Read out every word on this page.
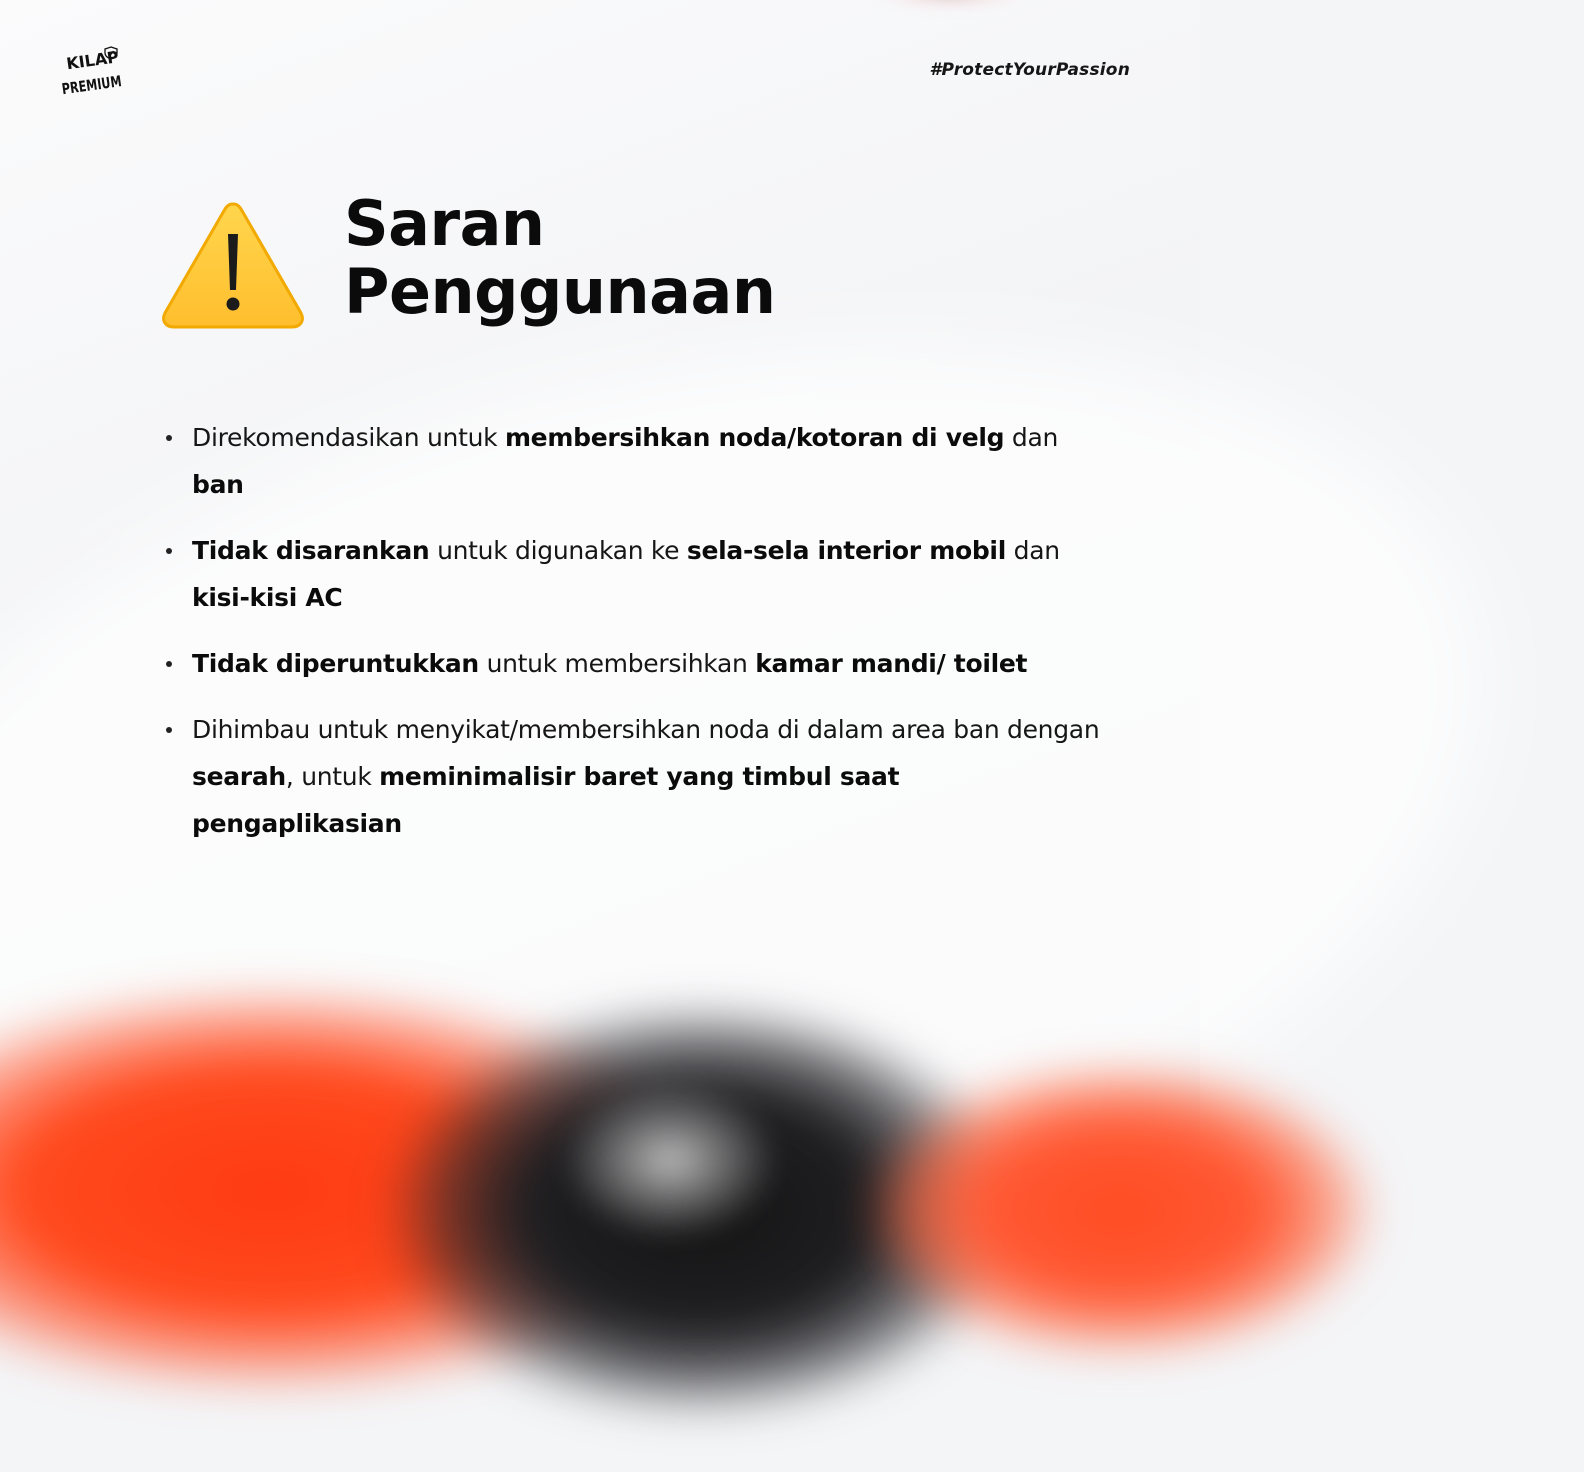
KILAP
PREMIUM	#ProtectYourPassion
Saran
Penggunaan
Direkomendasikan untuk membersihkan noda/kotoran di velg dan ban
Tidak disarankan untuk digunakan ke sela-sela interior mobil dan kisi-kisi AC
Tidak diperuntukkan untuk membersihkan kamar mandi/ toilet
Dihimbau untuk menyikat/membersihkan noda di dalam area ban dengan searah, untuk meminimalisir baret yang timbul saat pengaplikasian
